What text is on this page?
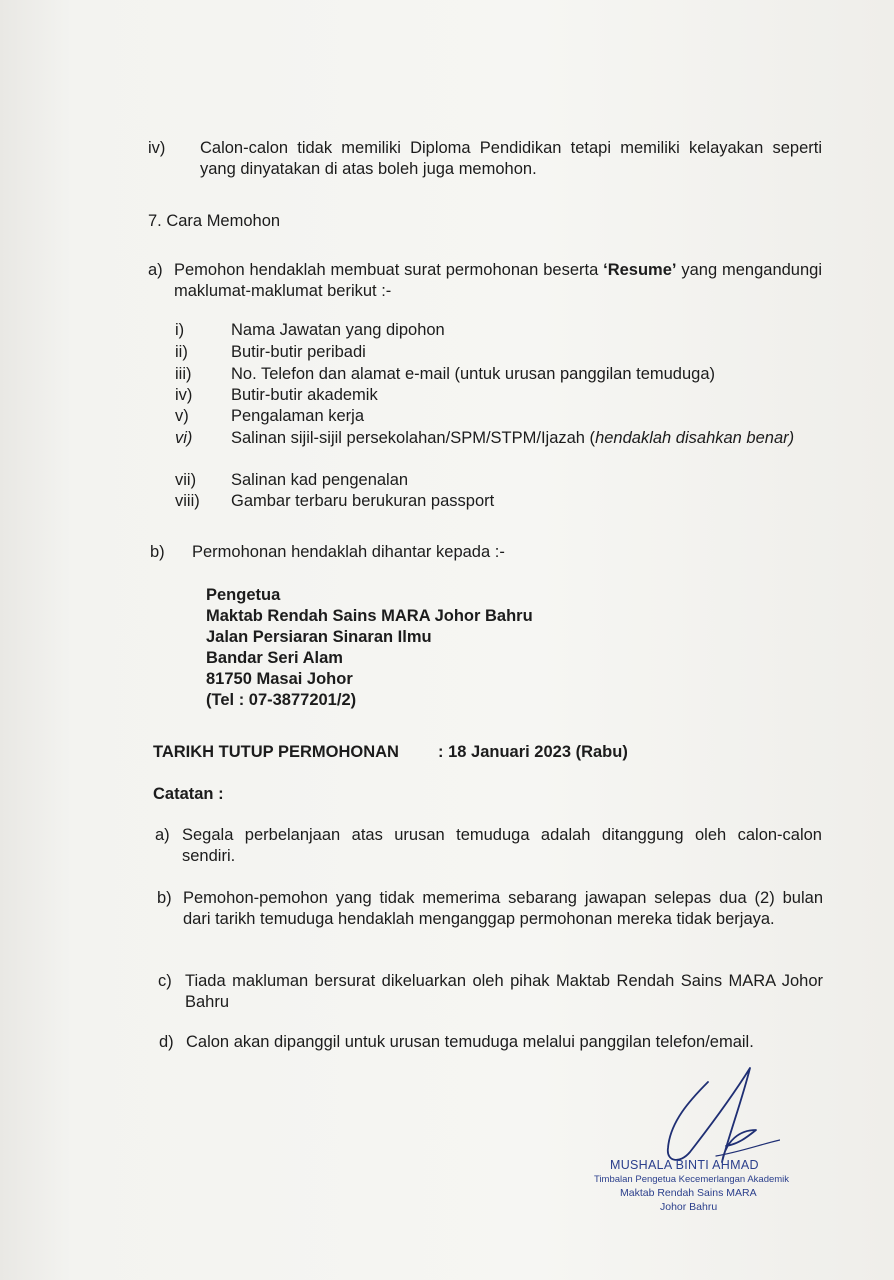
iv) Calon-calon tidak memiliki Diploma Pendidikan tetapi memiliki kelayakan seperti yang dinyatakan di atas boleh juga memohon.

7. Cara Memohon
a) Pemohon hendaklah membuat surat permohonan beserta ‘Resume’ yang mengandungi maklumat-maklumat berikut :-

i)	Nama Jawatan yang dipohon
ii)	Butir-butir peribadi
iii)	No. Telefon dan alamat e-mail (untuk urusan panggilan temuduga)
iv)	Butir-butir akademik
v)	Pengalaman kerja
vi)	Salinan sijil-sijil persekolahan/SPM/STPM/Ijazah (hendaklah disahkan benar)
vii)	Salinan kad pengenalan
viii)	Gambar terbaru berukuran passport
b) Permohonan hendaklah dihantar kepada :-
Pengetua
Maktab Rendah Sains MARA Johor Bahru
Jalan Persiaran Sinaran Ilmu
Bandar Seri Alam
81750 Masai Johor
(Tel : 07-3877201/2)
TARIKH TUTUP PERMOHONAN : 18 Januari 2023 (Rabu)
Catatan :
a) Segala perbelanjaan atas urusan temuduga adalah ditanggung oleh calon-calon sendiri.

b) Pemohon-pemohon yang tidak memerima sebarang jawapan selepas dua (2) bulan dari tarikh temuduga hendaklah menganggap permohonan mereka tidak berjaya.

c) Tiada makluman bersurat dikeluarkan oleh pihak Maktab Rendah Sains MARA Johor Bahru

d) Calon akan dipanggil untuk urusan temuduga melalui panggilan telefon/email.

MUSHALA BINTI AHMAD
Timbalan Pengetua Kecemerlangan Akademik
Maktab Rendah Sains MARA
Johor Bahru
